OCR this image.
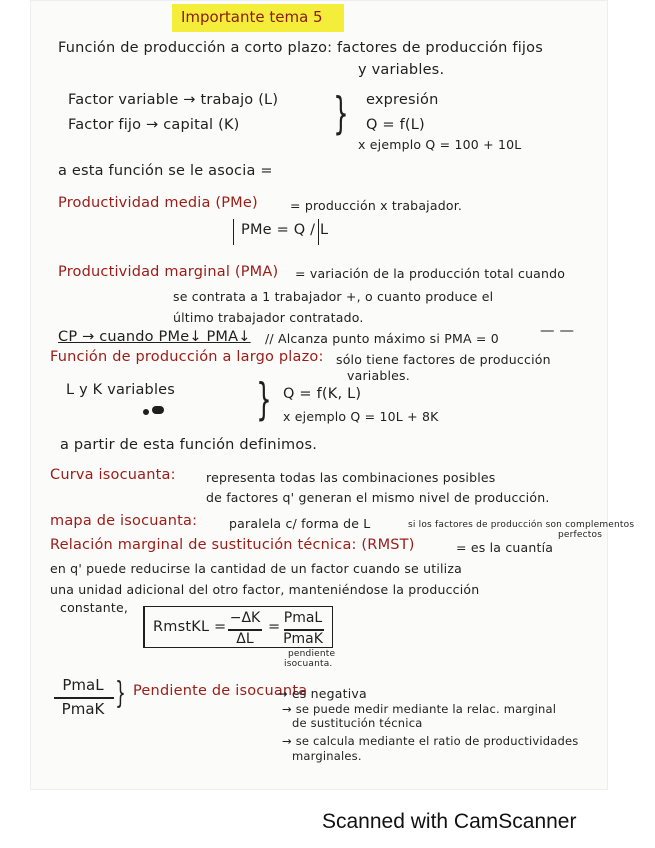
Importante tema 5
Función de producción a corto plazo: factores de producción fijos
y variables.
Factor variable → trabajo (L) } expresión
Factor fijo → capital (K)	Q = f(L)
x ejemplo Q = 100 + 10L
a esta función se le asocia =
Productividad media (PMe)	= producción x trabajador.
PMe = Q / L
Productividad marginal (PMA) = variación de la producción total cuando
se contrata a 1 trabajador +, o cuanto produce el
último trabajador contratado.
CP → cuando PMe↓ PMA↓ // Alcanza punto máximo si PMA = 0	— —
Función de producción a largo plazo: sólo tiene factores de producción
variables.
L y K variables } Q = f(K, L)
x ejemplo Q = 10L + 8K
a partir de esta función definimos.
Curva isocuanta: representa todas las combinaciones posibles
de factores q' generan el mismo nivel de producción.
mapa de isocuanta:	paralela c/ forma de L	si los factores de producción son complementos
perfectos
Relación marginal de sustitución técnica: (RMST)	= es la cuantía
en q' puede reducirse la cantidad de un factor cuando se utiliza
una unidad adicional del otro factor, manteniéndose la producción
constante,
RmstKL =
−ΔK
ΔL
=
PmaL
PmaK
pendiente
isocuanta.
PmaL
PmaK } Pendiente de isocuanta
→ es negativa
→ se puede medir mediante la relac. marginal
de sustitución técnica
→ se calcula mediante el ratio de productividades
marginales.
Scanned with CamScanner
